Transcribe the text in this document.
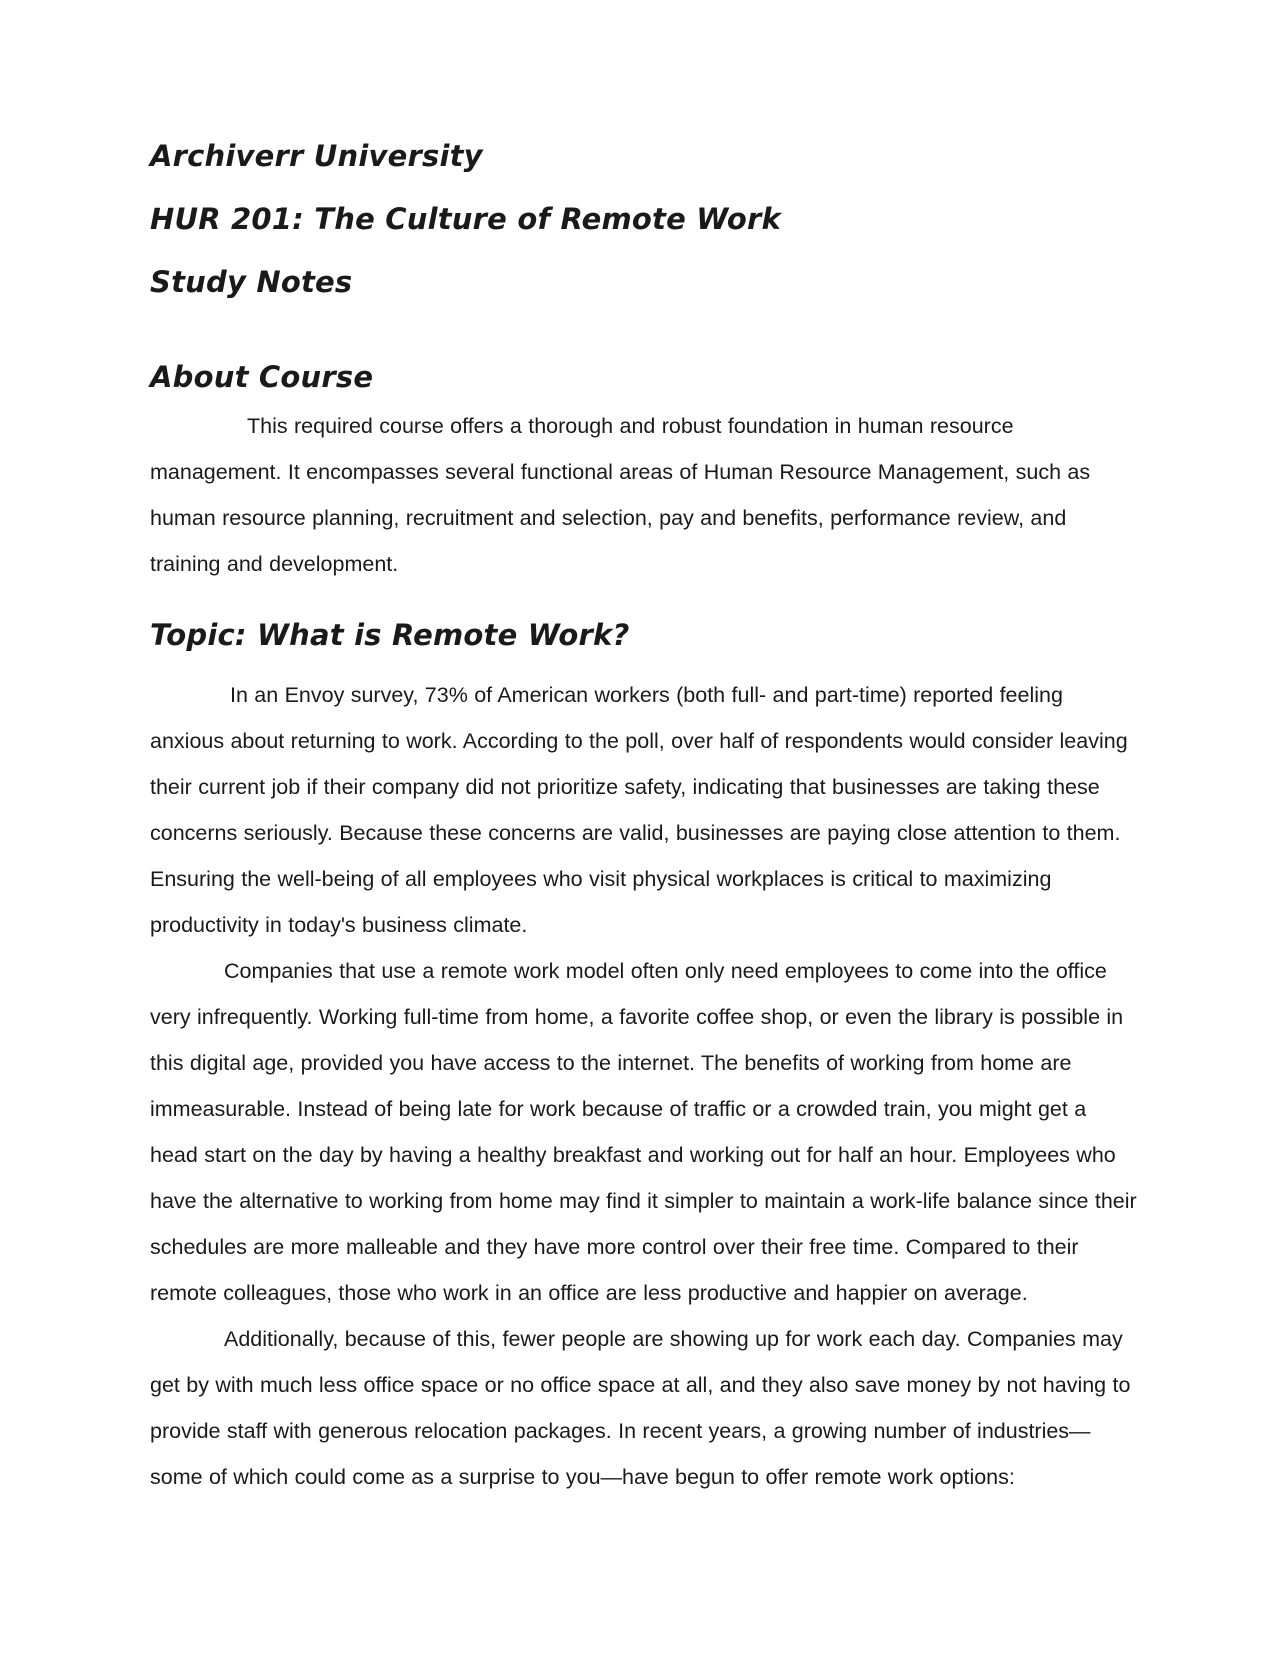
Archiverr University
HUR 201: The Culture of Remote Work
Study Notes
About Course

This required course offers a thorough and robust foundation in human resource management. It encompasses several functional areas of Human Resource Management, such as human resource planning, recruitment and selection, pay and benefits, performance review, and training and development.

Topic: What is Remote Work?

In an Envoy survey, 73% of American workers (both full- and part-time) reported feeling anxious about returning to work. According to the poll, over half of respondents would consider leaving their current job if their company did not prioritize safety, indicating that businesses are taking these concerns seriously. Because these concerns are valid, businesses are paying close attention to them. Ensuring the well-being of all employees who visit physical workplaces is critical to maximizing productivity in today's business climate.

Companies that use a remote work model often only need employees to come into the office very infrequently. Working full-time from home, a favorite coffee shop, or even the library is possible in this digital age, provided you have access to the internet. The benefits of working from home are immeasurable. Instead of being late for work because of traffic or a crowded train, you might get a head start on the day by having a healthy breakfast and working out for half an hour. Employees who have the alternative to working from home may find it simpler to maintain a work-life balance since their schedules are more malleable and they have more control over their free time. Compared to their remote colleagues, those who work in an office are less productive and happier on average.

Additionally, because of this, fewer people are showing up for work each day. Companies may get by with much less office space or no office space at all, and they also save money by not having to provide staff with generous relocation packages. In recent years, a growing number of industries—some of which could come as a surprise to you—have begun to offer remote work options:
